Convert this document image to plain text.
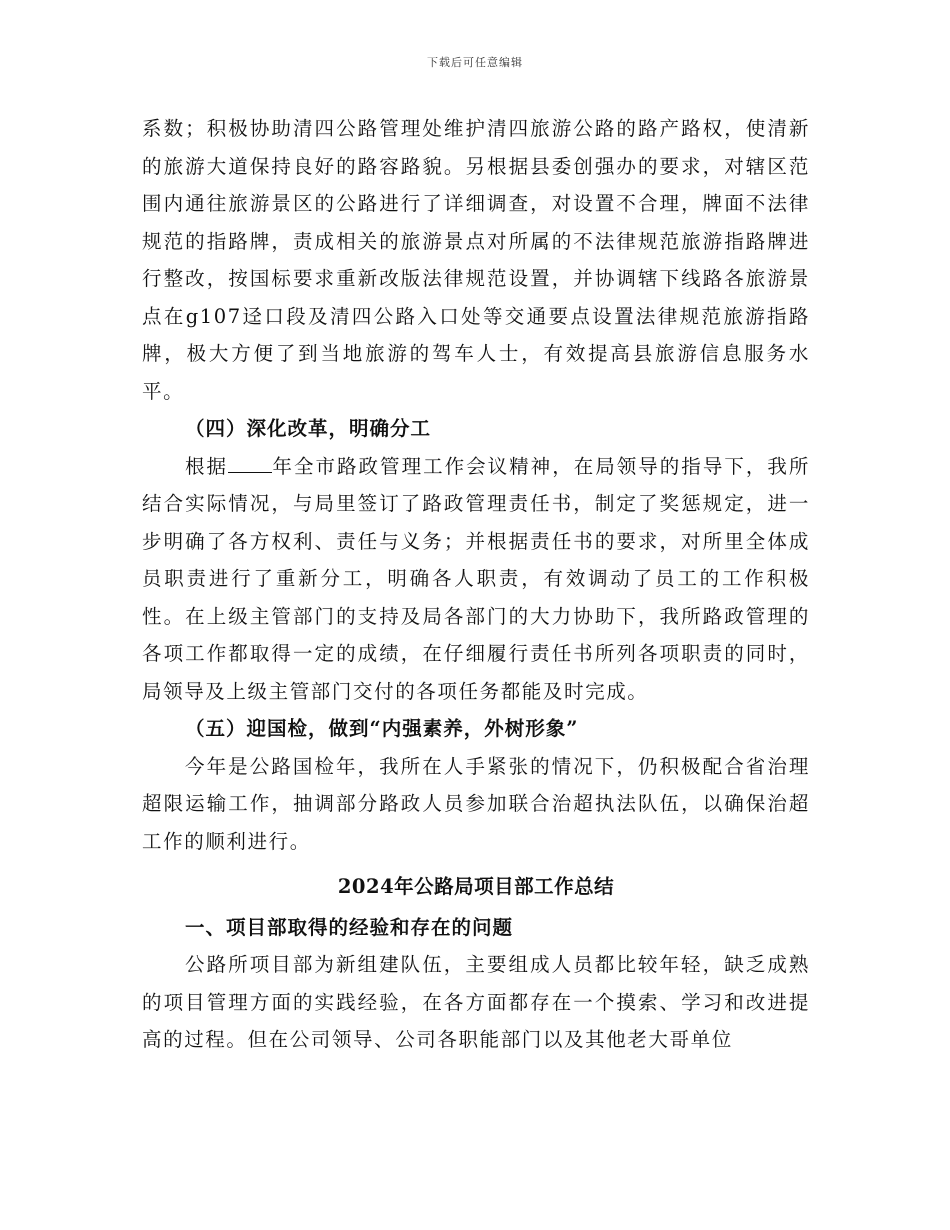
下载后可任意编辑

系数；积极协助清四公路管理处维护清四旅游公路的路产路权，使清新的旅游大道保持良好的路容路貌。另根据县委创强办的要求，对辖区范围内通往旅游景区的公路进行了详细调查，对设置不合理，牌面不法律规范的指路牌，责成相关的旅游景点对所属的不法律规范旅游指路牌进行整改，按国标要求重新改版法律规范设置，并协调辖下线路各旅游景点在g107迳口段及清四公路入口处等交通要点设置法律规范旅游指路牌，极大方便了到当地旅游的驾车人士，有效提高县旅游信息服务水平。

（四）深化改革，明确分工

根据 年全市路政管理工作会议精神，在局领导的指导下，我所结合实际情况，与局里签订了路政管理责任书，制定了奖惩规定，进一步明确了各方权利、责任与义务；并根据责任书的要求，对所里全体成员职责进行了重新分工，明确各人职责，有效调动了员工的工作积极性。在上级主管部门的支持及局各部门的大力协助下，我所路政管理的各项工作都取得一定的成绩，在仔细履行责任书所列各项职责的同时，局领导及上级主管部门交付的各项任务都能及时完成。

（五）迎国检，做到“内强素养，外树形象”

今年是公路国检年，我所在人手紧张的情况下，仍积极配合省治理超限运输工作，抽调部分路政人员参加联合治超执法队伍，以确保治超工作的顺利进行。

2024年公路局项目部工作总结

一、项目部取得的经验和存在的问题

公路所项目部为新组建队伍，主要组成人员都比较年轻，缺乏成熟的项目管理方面的实践经验，在各方面都存在一个摸索、学习和改进提高的过程。但在公司领导、公司各职能部门以及其他老大哥单位
